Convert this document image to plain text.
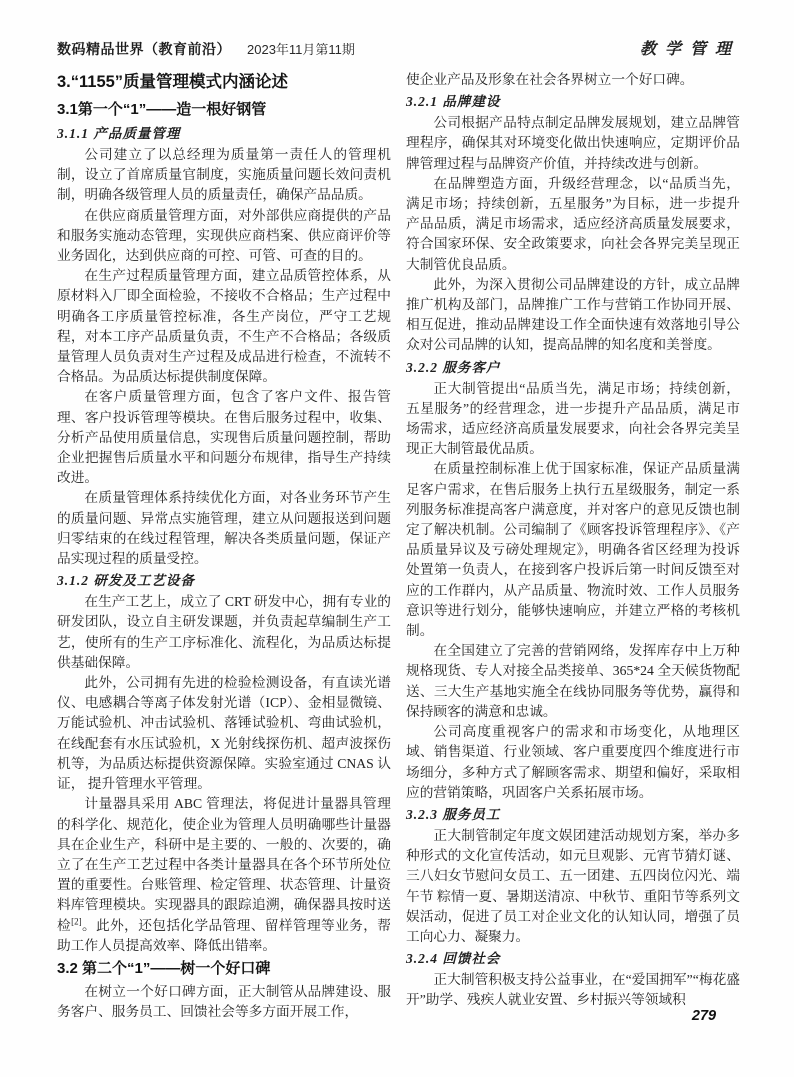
数码精品世界（教育前沿） 2023年11月第11期	教学管理
3.“1155”质量管理模式内涵论述
3.1第一个“1”——造一根好钢管
3.1.1 产品质量管理

公司建立了以总经理为质量第一责任人的管理机制，设立了首席质量官制度，实施质量问题长效问责机制，明确各级管理人员的质量责任，确保产品品质。

在供应商质量管理方面，对外部供应商提供的产品和服务实施动态管理，实现供应商档案、供应商评价等业务固化，达到供应商的可控、可管、可查的目的。

在生产过程质量管理方面，建立品质管控体系，从原材料入厂即全面检验，不接收不合格品；生产过程中明确各工序质量管控标准，各生产岗位，严守工艺规程，对本工序产品质量负责，不生产不合格品；各级质量管理人员负责对生产过程及成品进行检查，不流转不合格品。为品质达标提供制度保障。

在客户质量管理方面，包含了客户文件、报告管理、客户投诉管理等模块。在售后服务过程中，收集、分析产品使用质量信息，实现售后质量问题控制，帮助企业把握售后质量水平和问题分布规律，指导生产持续改进。

在质量管理体系持续优化方面，对各业务环节产生的质量问题、异常点实施管理，建立从问题报送到问题归零结束的在线过程管理，解决各类质量问题，保证产品实现过程的质量受控。

3.1.2 研发及工艺设备

在生产工艺上，成立了 CRT 研发中心，拥有专业的研发团队，设立自主研发课题，并负责起草编制生产工艺，使所有的生产工序标准化、流程化，为品质达标提供基础保障。

此外，公司拥有先进的检验检测设备，有直读光谱仪、电感耦合等离子体发射光谱（ICP）、金相显微镜、万能试验机、冲击试验机、落锤试验机、弯曲试验机，在线配套有水压试验机，X 光射线探伤机、超声波探伤机等，为品质达标提供资源保障。实验室通过 CNAS 认证， 提升管理水平管理。

计量器具采用 ABC 管理法，将促进计量器具管理的科学化、规范化，使企业为管理人员明确哪些计量器具在企业生产，科研中是主要的、一般的、次要的，确立了在生产工艺过程中各类计量器具在各个环节所处位置的重要性。台账管理、检定管理、状态管理、计量资料库管理模块。实现器具的跟踪追溯，确保器具按时送检[2]。此外，还包括化学品管理、留样管理等业务，帮助工作人员提高效率、降低出错率。

3.2 第二个“1”——树一个好口碑

在树立一个好口碑方面，正大制管从品牌建设、服务客户、服务员工、回馈社会等多方面开展工作，

使企业产品及形象在社会各界树立一个好口碑。

3.2.1 品牌建设

公司根据产品特点制定品牌发展规划，建立品牌管理程序，确保其对环境变化做出快速响应，定期评价品牌管理过程与品牌资产价值，并持续改进与创新。

在品牌塑造方面，升级经营理念，以“品质当先，满足市场；持续创新，五星服务”为目标，进一步提升产品品质，满足市场需求，适应经济高质量发展要求，符合国家环保、安全政策要求，向社会各界完美呈现正大制管优良品质。

此外，为深入贯彻公司品牌建设的方针，成立品牌推广机构及部门，品牌推广工作与营销工作协同开展、相互促进，推动品牌建设工作全面快速有效落地引导公众对公司品牌的认知，提高品牌的知名度和美誉度。

3.2.2 服务客户

正大制管提出“品质当先，满足市场；持续创新，五星服务”的经营理念，进一步提升产品品质，满足市场需求，适应经济高质量发展要求，向社会各界完美呈现正大制管最优品质。

在质量控制标准上优于国家标准，保证产品质量满足客户需求，在售后服务上执行五星级服务，制定一系列服务标准提高客户满意度，并对客户的意见反馈也制定了解决机制。公司编制了《顾客投诉管理程序》、《产品质量异议及亏磅处理规定》，明确各省区经理为投诉处置第一负责人，在接到客户投诉后第一时间反馈至对应的工作群内，从产品质量、物流时效、工作人员服务意识等进行划分，能够快速响应，并建立严格的考核机制。

在全国建立了完善的营销网络，发挥库存中上万种规格现货、专人对接全品类接单、365*24 全天候货物配送、三大生产基地实施全在线协同服务等优势，赢得和保持顾客的满意和忠诚。

公司高度重视客户的需求和市场变化，从地理区域、销售渠道、行业领域、客户重要度四个维度进行市场细分，多种方式了解顾客需求、期望和偏好，采取相应的营销策略，巩固客户关系拓展市场。

3.2.3 服务员工

正大制管制定年度文娱团建活动规划方案，举办多种形式的文化宣传活动，如元旦观影、元宵节猜灯谜、三八妇女节慰问女员工、五一团建、五四岗位闪光、端午节 粽情一夏、暑期送清凉、中秋节、重阳节等系列文娱活动，促进了员工对企业文化的认知认同，增强了员工向心力、凝聚力。

3.2.4 回馈社会

正大制管积极支持公益事业，在“爱国拥军”“梅花盛开”助学、残疾人就业安置、乡村振兴等领域积

279
